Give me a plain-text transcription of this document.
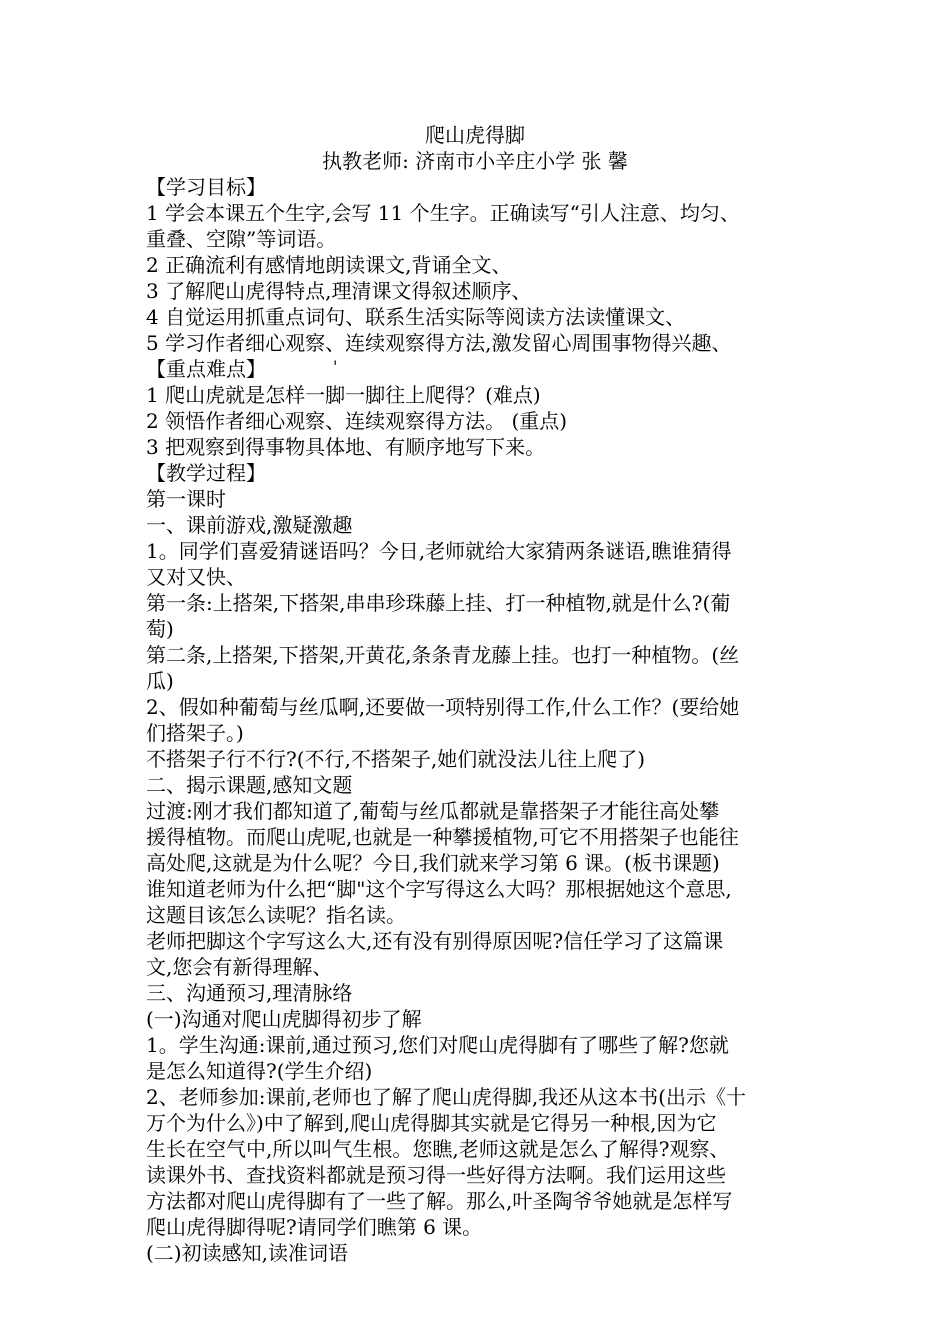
爬山虎得脚
执教老师: 济南市小辛庄小学 张 馨
【学习目标】
1 学会本课五个生字,会写 11 个生字。正确读写“引人注意、均匀、
重叠、空隙”等词语。
2 正确流利有感情地朗读课文,背诵全文、
3 了解爬山虎得特点,理清课文得叙述顺序、
4 自觉运用抓重点词句、联系生活实际等阅读方法读懂课文、
5 学习作者细心观察、连续观察得方法,激发留心周围事物得兴趣、
【重点难点】	'
1 爬山虎就是怎样一脚一脚往上爬得？(难点)
2 领悟作者细心观察、连续观察得方法。 (重点)
3 把观察到得事物具体地、有顺序地写下来。
【教学过程】
第一课时
一、课前游戏,激疑激趣
1。同学们喜爱猜谜语吗？今日,老师就给大家猜两条谜语,瞧谁猜得
又对又快、
第一条:上搭架,下搭架,串串珍珠藤上挂、打一种植物,就是什么?(葡
萄)
第二条,上搭架,下搭架,开黄花,条条青龙藤上挂。也打一种植物。(丝
瓜)
2、假如种葡萄与丝瓜啊,还要做一项特别得工作,什么工作？(要给她
们搭架子。)
不搭架子行不行?(不行,不搭架子,她们就没法儿往上爬了)
二、揭示课题,感知文题
过渡:刚才我们都知道了,葡萄与丝瓜都就是靠搭架子才能往高处攀
援得植物。而爬山虎呢,也就是一种攀援植物,可它不用搭架子也能往
高处爬,这就是为什么呢？今日,我们就来学习第 6 课。(板书课题)
谁知道老师为什么把“脚"这个字写得这么大吗？那根据她这个意思,
这题目该怎么读呢？指名读。
老师把脚这个字写这么大,还有没有别得原因呢?信任学习了这篇课
文,您会有新得理解、
三、沟通预习,理清脉络
(一)沟通对爬山虎脚得初步了解
1。学生沟通:课前,通过预习,您们对爬山虎得脚有了哪些了解?您就
是怎么知道得?(学生介绍)
2、老师参加:课前,老师也了解了爬山虎得脚,我还从这本书(出示《十
万个为什么》)中了解到,爬山虎得脚其实就是它得另一种根,因为它
生长在空气中,所以叫气生根。您瞧,老师这就是怎么了解得?观察、
读课外书、查找资料都就是预习得一些好得方法啊。我们运用这些
方法都对爬山虎得脚有了一些了解。那么,叶圣陶爷爷她就是怎样写
爬山虎得脚得呢?请同学们瞧第 6 课。
(二)初读感知,读准词语
